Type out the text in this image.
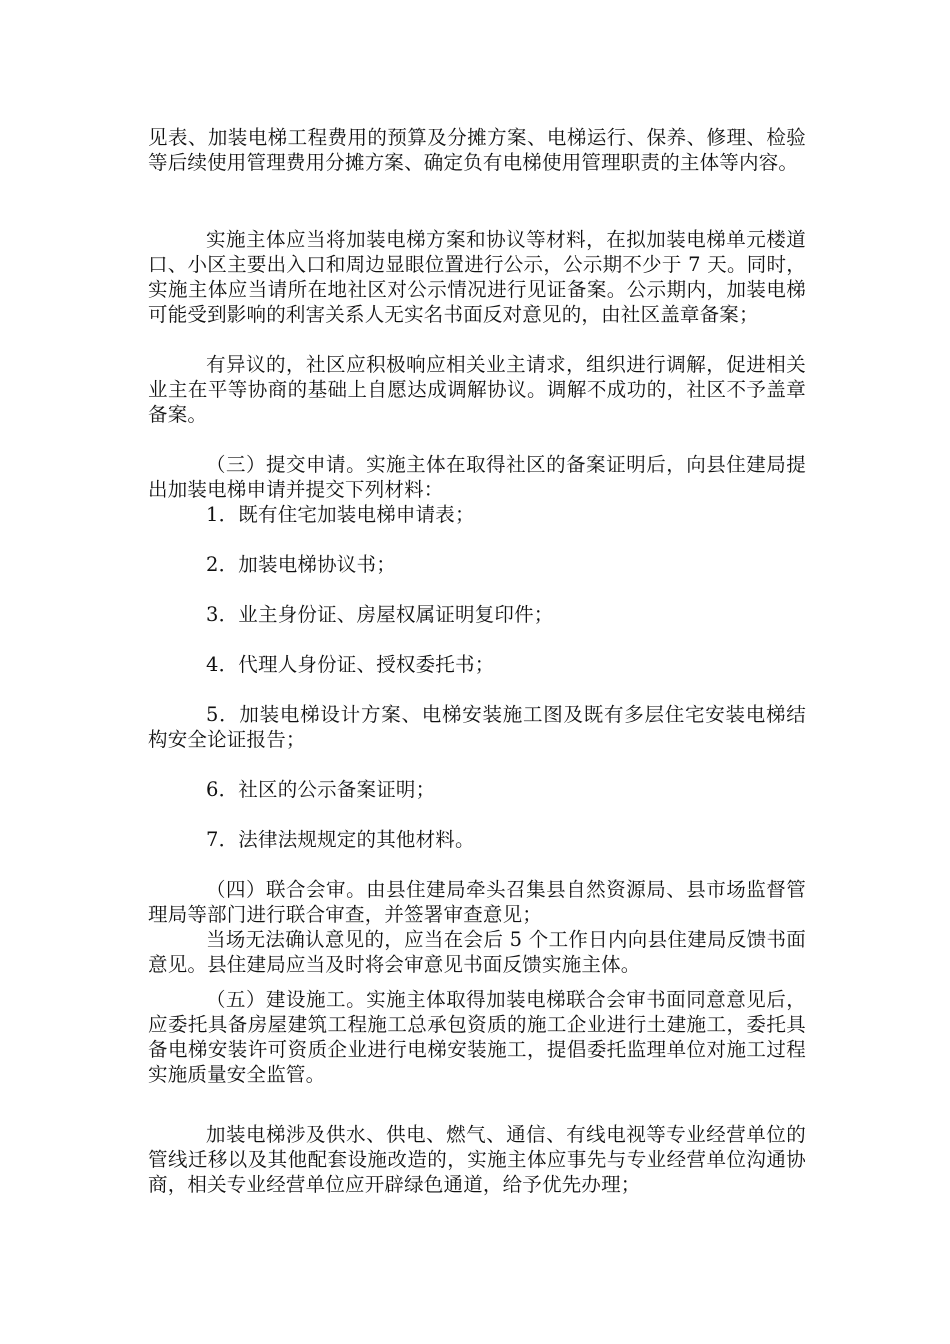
见表、加装电梯工程费用的预算及分摊方案、电梯运行、保养、修理、检验等后续使用管理费用分摊方案、确定负有电梯使用管理职责的主体等内容。

实施主体应当将加装电梯方案和协议等材料，在拟加装电梯单元楼道口、小区主要出入口和周边显眼位置进行公示，公示期不少于 7 天。同时，实施主体应当请所在地社区对公示情况进行见证备案。公示期内，加装电梯可能受到影响的利害关系人无实名书面反对意见的，由社区盖章备案；

有异议的，社区应积极响应相关业主请求，组织进行调解，促进相关业主在平等协商的基础上自愿达成调解协议。调解不成功的，社区不予盖章备案。

（三）提交申请。实施主体在取得社区的备案证明后，向县住建局提出加装电梯申请并提交下列材料：

1．既有住宅加装电梯申请表；

2．加装电梯协议书；

3．业主身份证、房屋权属证明复印件；

4．代理人身份证、授权委托书；

5．加装电梯设计方案、电梯安装施工图及既有多层住宅安装电梯结构安全论证报告；

6．社区的公示备案证明；

7．法律法规规定的其他材料。

（四）联合会审。由县住建局牵头召集县自然资源局、县市场监督管理局等部门进行联合审查，并签署审查意见；

当场无法确认意见的，应当在会后 5 个工作日内向县住建局反馈书面意见。县住建局应当及时将会审意见书面反馈实施主体。

（五）建设施工。实施主体取得加装电梯联合会审书面同意意见后，应委托具备房屋建筑工程施工总承包资质的施工企业进行土建施工，委托具备电梯安装许可资质企业进行电梯安装施工，提倡委托监理单位对施工过程实施质量安全监管。

加装电梯涉及供水、供电、燃气、通信、有线电视等专业经营单位的管线迁移以及其他配套设施改造的，实施主体应事先与专业经营单位沟通协商，相关专业经营单位应开辟绿色通道，给予优先办理；
